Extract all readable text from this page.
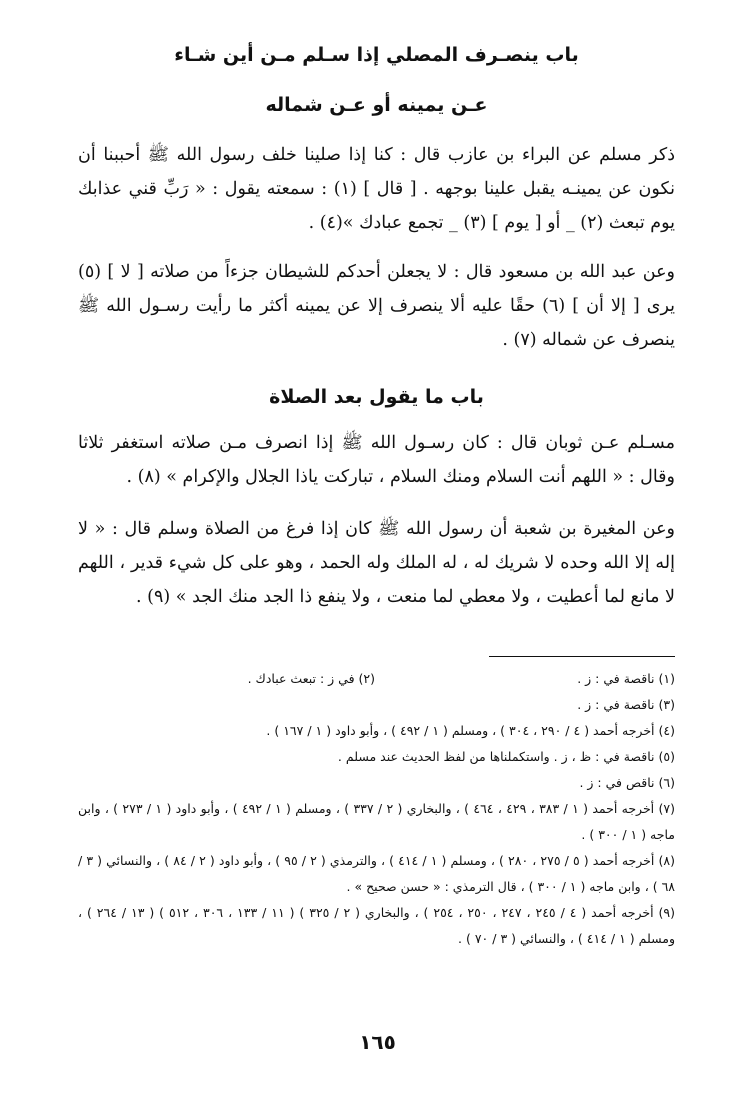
باب ينصـرف المصلي إذا سـلم مـن أين شـاء
عـن يمينه أو عـن شماله

ذكر مسلم عن البراء بن عازب قال : كنا إذا صلينا خلف رسول الله ﷺ أحببنا أن نكون عن يمينـه يقبل علينا بوجهه . [ قال ] (١) : سمعته يقول : « رَبِّ قني عذابك يوم تبعث (٢) _ أو [ يوم ] (٣) _ تجمع عبادك »(٤) .

وعن عبد الله بن مسعود قال : لا يجعلن أحدكم للشيطان جزءاً من صلاته [ لا ] (٥) يرى [ إلا أن ] (٦) حقًا عليه ألا ينصرف إلا عن يمينه أكثر ما رأيت رسـول الله ﷺ ينصرف عن شماله (٧) .

باب ما يقول بعد الصلاة

مسـلم عـن ثوبان قال : كان رسـول الله ﷺ إذا انصرف مـن صلاته استغفر ثلاثا وقال : « اللهم أنت السلام ومنك السلام ، تباركت ياذا الجلال والإكرام » (٨) .

وعن المغيرة بن شعبة أن رسول الله ﷺ كان إذا فرغ من الصلاة وسلم قال : « لا إله إلا الله وحده لا شريك له ، له الملك وله الحمد ، وهو على كل شيء قدير ، اللهم لا مانع لما أعطيت ، ولا معطي لما منعت ، ولا ينفع ذا الجد منك الجد » (٩) .

(١) ناقصة في : ز .

(٢) في ز : تبعث عبادك .

(٣) ناقصة في : ز .

(٤) أخرجه أحمد ( ٤ / ٢٩٠ ، ٣٠٤ ) ، ومسلم ( ١ / ٤٩٢ ) ، وأبو داود ( ١ / ١٦٧ ) .

(٥) ناقصة في : ظ ، ز . واستكملناها من لفظ الحديث عند مسلم .

(٦) ناقص في : ز .

(٧) أخرجه أحمد ( ١ / ٣٨٣ ، ٤٢٩ ، ٤٦٤ ) ، والبخاري ( ٢ / ٣٣٧ ) ، ومسلم ( ١ / ٤٩٢ ) ، وأبو داود ( ١ / ٢٧٣ ) ، وابن ماجه ( ١ / ٣٠٠ ) .

(٨) أخرجه أحمد ( ٥ / ٢٧٥ ، ٢٨٠ ) ، ومسلم ( ١ / ٤١٤ ) ، والترمذي ( ٢ / ٩٥ ) ، وأبو داود ( ٢ / ٨٤ ) ، والنسائي ( ٣ / ٦٨ ) ، وابن ماجه ( ١ / ٣٠٠ ) ، قال الترمذي : « حسن صحيح » .

(٩) أخرجه أحمد ( ٤ / ٢٤٥ ، ٢٤٧ ، ٢٥٠ ، ٢٥٤ ) ، والبخاري ( ٢ / ٣٢٥ ) ( ١١ / ١٣٣ ، ٣٠٦ ، ٥١٢ ) ( ١٣ / ٢٦٤ ) ، ومسلم ( ١ / ٤١٤ ) ، والنسائي ( ٣ / ٧٠ ) .

١٦٥
